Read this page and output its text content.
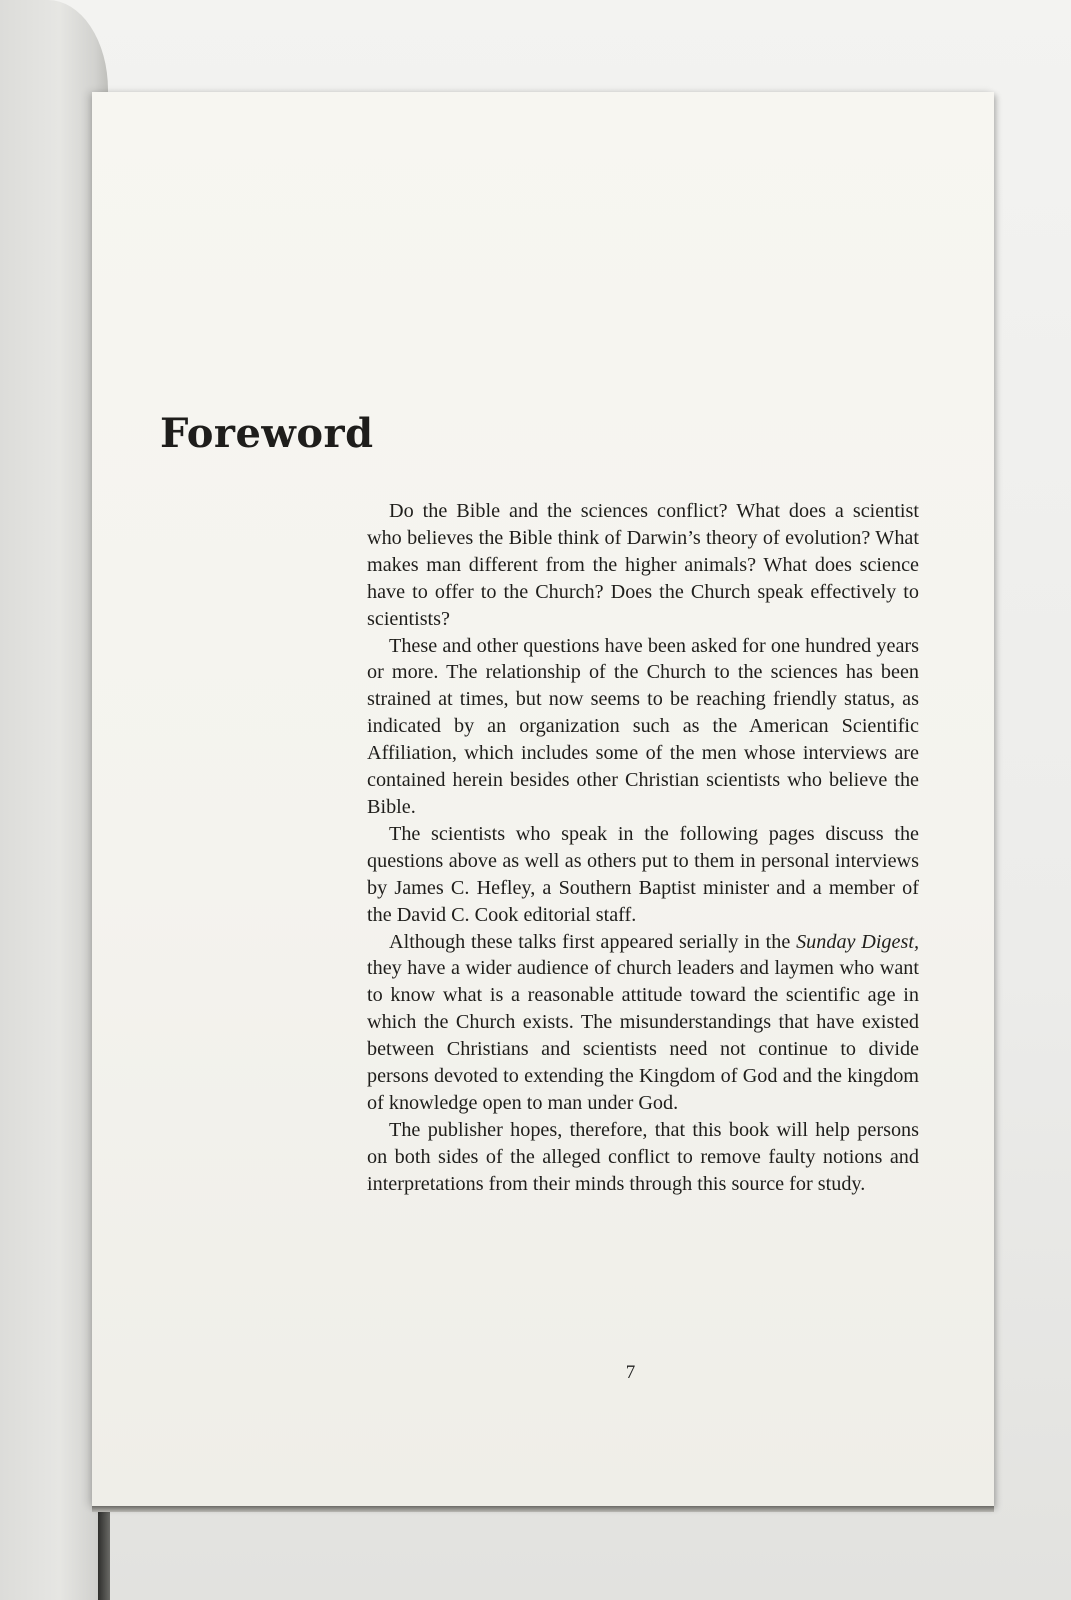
Foreword

Do the Bible and the sciences conflict? What does a scientist who believes the Bible think of Darwin’s theory of evolution? What makes man different from the higher animals? What does science have to offer to the Church? Does the Church speak effectively to scientists?

These and other questions have been asked for one hundred years or more. The relationship of the Church to the sciences has been strained at times, but now seems to be reaching friendly status, as indicated by an organization such as the American Scientific Affiliation, which includes some of the men whose interviews are contained herein besides other Christian scientists who believe the Bible.

The scientists who speak in the following pages discuss the questions above as well as others put to them in personal interviews by James C. Hefley, a Southern Baptist minister and a member of the David C. Cook editorial staff.

Although these talks first appeared serially in the Sunday Digest, they have a wider audience of church leaders and laymen who want to know what is a reasonable attitude toward the scientific age in which the Church exists. The misunderstandings that have existed between Christians and scientists need not continue to divide persons devoted to extending the Kingdom of God and the kingdom of knowledge open to man under God.

The publisher hopes, therefore, that this book will help persons on both sides of the alleged conflict to remove faulty notions and interpretations from their minds through this source for study.

7
